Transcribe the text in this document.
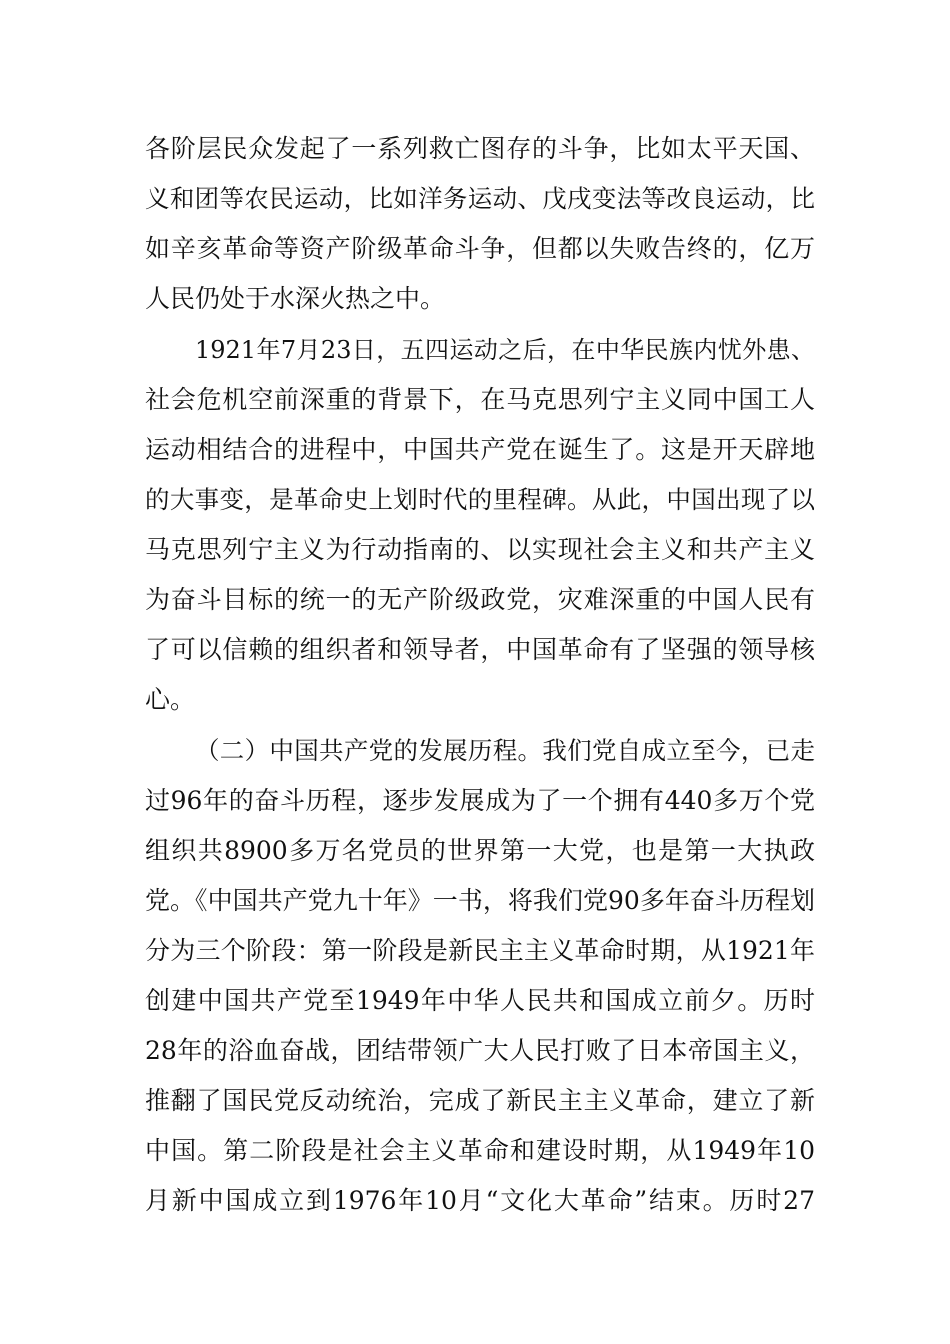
各阶层民众发起了一系列救亡图存的斗争，比如太平天国、
义和团等农民运动，比如洋务运动、戊戌变法等改良运动，比
如辛亥革命等资产阶级革命斗争，但都以失败告终的，亿万
人民仍处于水深火热之中。
1921年7月23日，五四运动之后，在中华民族内忧外患、
社会危机空前深重的背景下，在马克思列宁主义同中国工人
运动相结合的进程中，中国共产党在诞生了。这是开天辟地
的大事变，是革命史上划时代的里程碑。从此，中国出现了以
马克思列宁主义为行动指南的、以实现社会主义和共产主义
为奋斗目标的统一的无产阶级政党，灾难深重的中国人民有
了可以信赖的组织者和领导者，中国革命有了坚强的领导核
心。
（二）中国共产党的发展历程。我们党自成立至今，已走
过96年的奋斗历程，逐步发展成为了一个拥有440多万个党
组织共8900多万名党员的世界第一大党，也是第一大执政
党。《中国共产党九十年》一书，将我们党90多年奋斗历程划
分为三个阶段：第一阶段是新民主主义革命时期，从1921年
创建中国共产党至1949年中华人民共和国成立前夕。历时
28年的浴血奋战，团结带领广大人民打败了日本帝国主义，
推翻了国民党反动统治，完成了新民主主义革命，建立了新
中国。第二阶段是社会主义革命和建设时期，从1949年10
月新中国成立到1976年10月“文化大革命”结束。历时27
